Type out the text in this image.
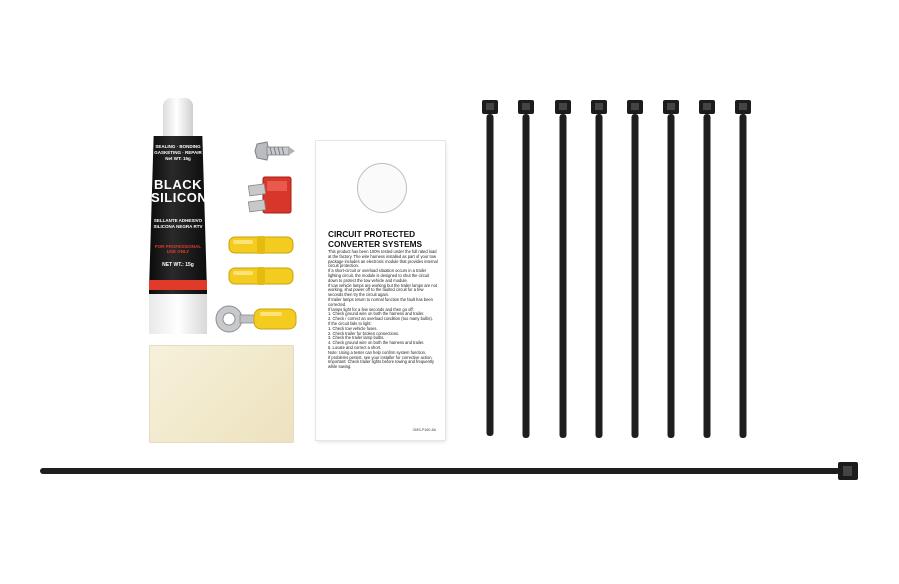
SEALING · BONDING
GASKETING · REPAIR
Net WT: 15g
BLACK
SILICONE
SELLANTE ADHESIVO
SILICONA NEGRA RTV
FOR PROFESSIONAL USE ONLY
NET WT.: 15g
CIRCUIT PROTECTED
CONVERTER SYSTEMS
This product has been 100% tested under the full rated load at the factory. The wire harness installed as part of your tow package includes an electronic module that provides internal circuit protection.
If a short-circuit or overload situation occurs in a trailer lighting circuit, the module is designed to shut the circuit down to protect the tow vehicle and module.
If tow vehicle lamps are working but the trailer lamps are not working, shut power off to the faulted circuit for a few seconds then try the circuit again.
If trailer lamps return to normal function the fault has been corrected.
If lamps light for a few seconds and then go off:
1. Check ground wire on both the harness and trailer.
2. Check / correct an overload condition (too many bulbs).
If the circuit fails to light:
1. Check tow vehicle fuses.
2. Check trailer for broken connections.
3. Check the trailer lamp bulbs.
4. Check ground wire on both the harness and trailer.
5. Locate and correct a short.
Note: Using a tester can help confirm system function.
If problems persist, see your installer for corrective action.
Important: Check trailer lights before towing and frequently while towing.
OMS-P160-8A
